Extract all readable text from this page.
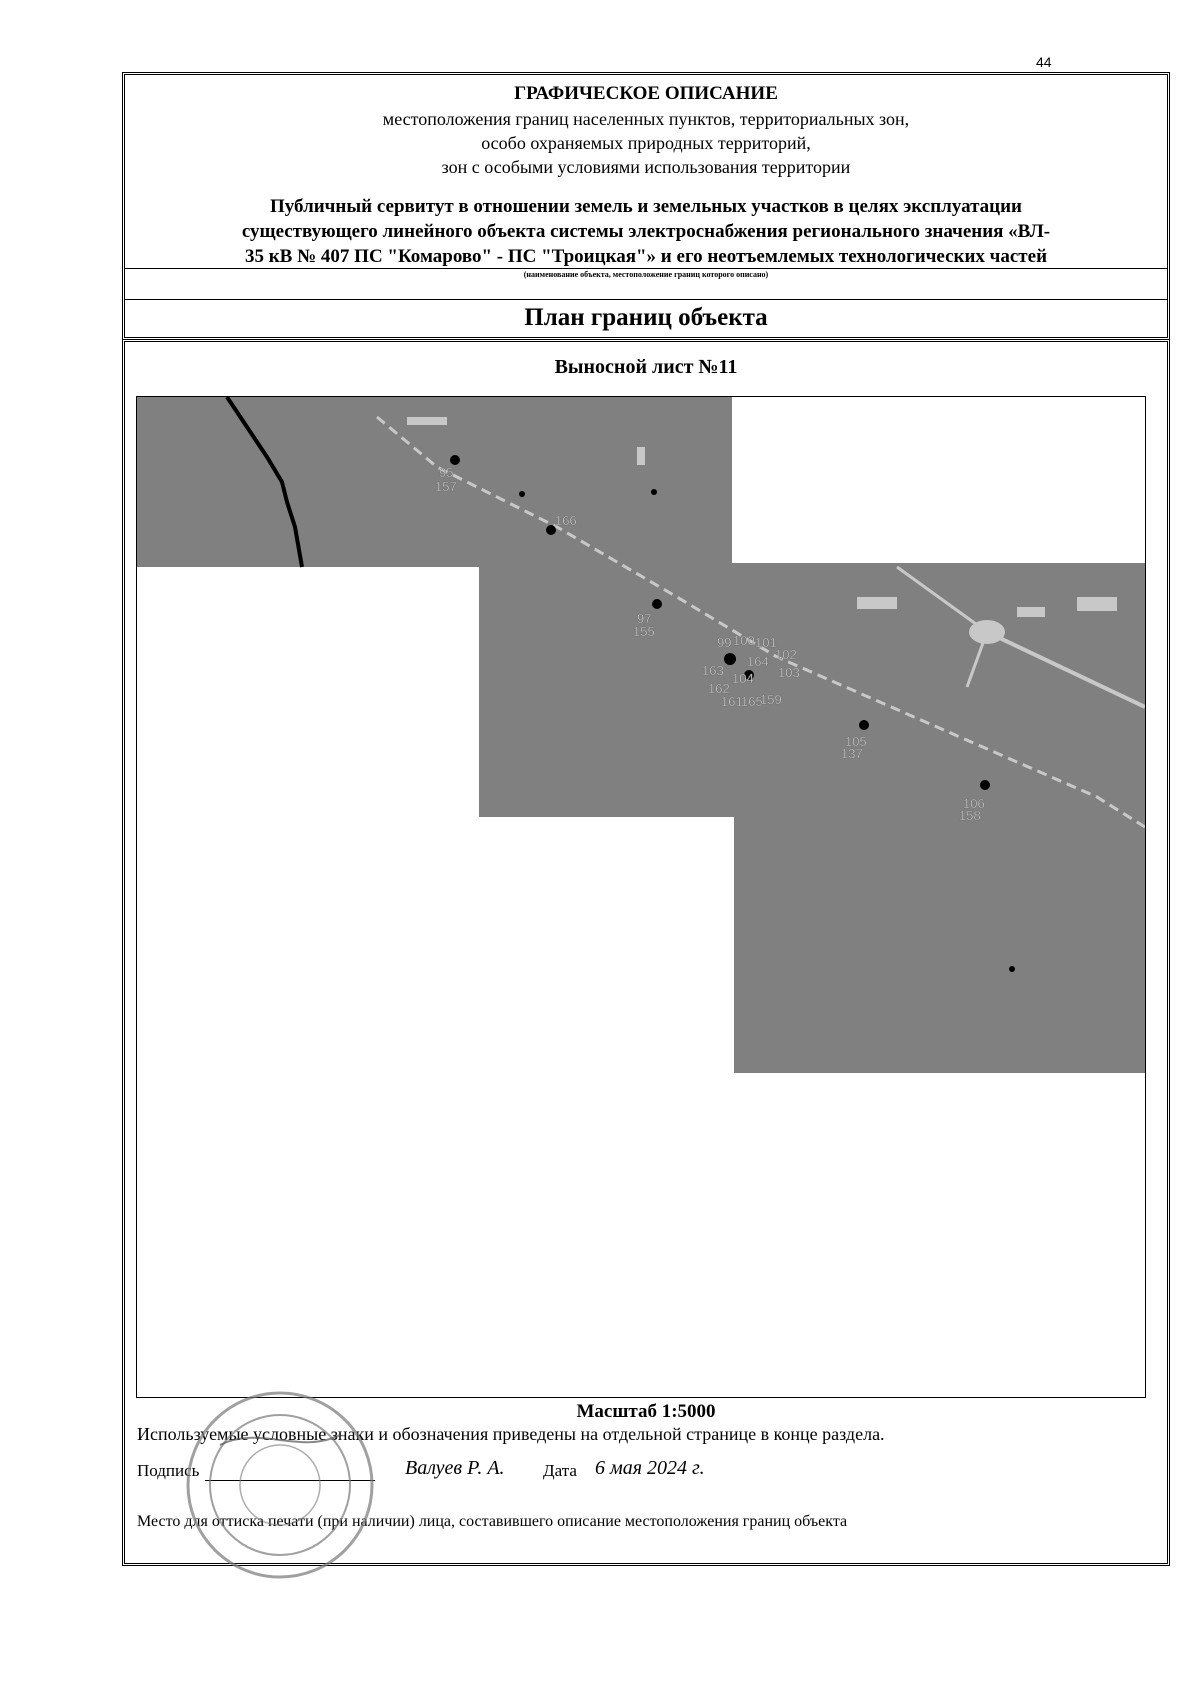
44
ГРАФИЧЕСКОЕ ОПИСАНИЕ
местоположения границ населенных пунктов, территориальных зон,
особо охраняемых природных территорий,
зон с особыми условиями использования территории
Публичный сервитут в отношении земель и земельных участков в целях эксплуатации
существующего линейного объекта системы электроснабжения регионального значения «ВЛ-
35 кВ № 407 ПС "Комарово" - ПС "Троицкая"» и его неотъемлемых технологических частей
(наименование объекта, местоположение границ которого описано)
План границ объекта
Выносной лист №11
95
157
166
97
155
99 100 101
102
164
163	103
104
162
161
165
159
105
137
106
158
Масштаб 1:5000
Используемые условные знаки и обозначения приведены на отдельной странице в конце раздела.
Подпись	Валуев Р. А. Дата 6 мая 2024 г.
Место для оттиска печати (при наличии) лица, составившего описание местоположения границ объекта
